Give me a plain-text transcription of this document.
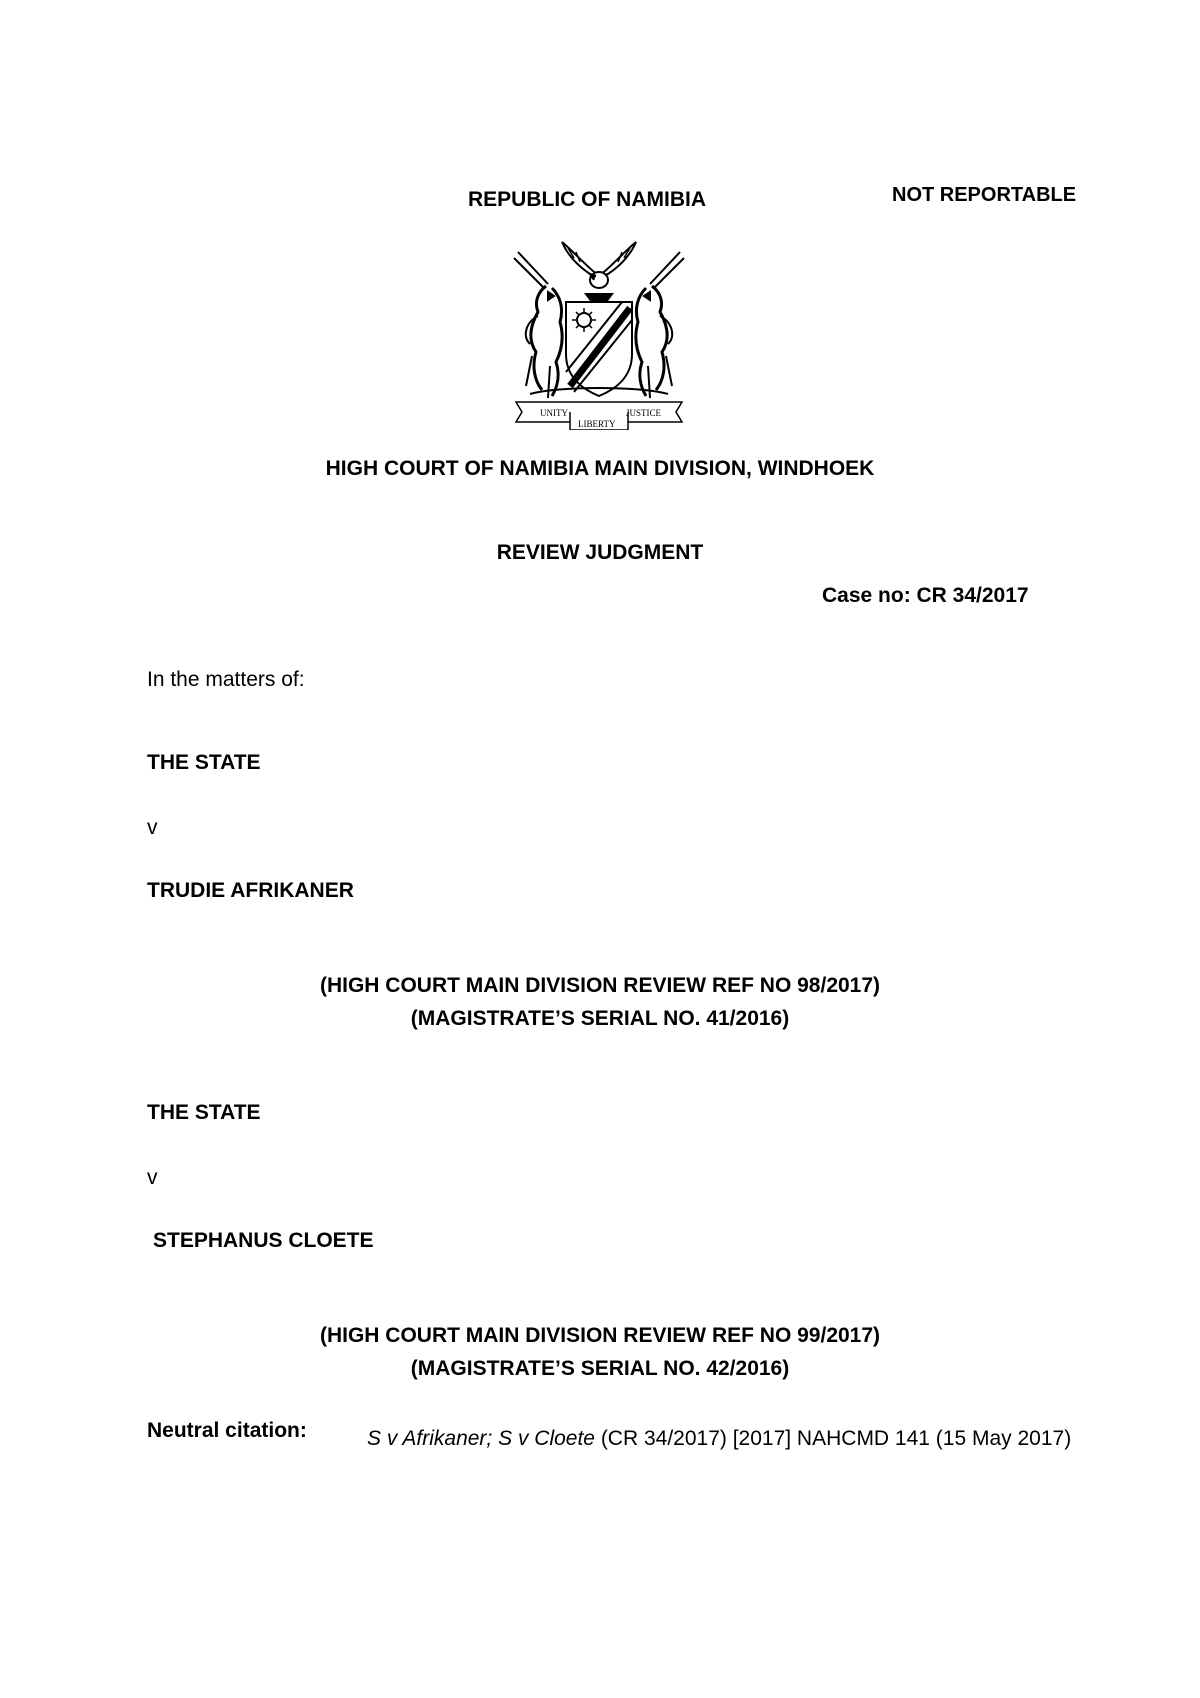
REPUBLIC OF NAMIBIA	NOT REPORTABLE
UNITY	JUSTICE
LIBERTY
HIGH COURT OF NAMIBIA MAIN DIVISION, WINDHOEK
REVIEW JUDGMENT
Case no: CR 34/2017
In the matters of:
THE STATE
v
TRUDIE AFRIKANER
(HIGH COURT MAIN DIVISION REVIEW REF NO 98/2017)
(MAGISTRATE’S SERIAL NO. 41/2016)
THE STATE
v
STEPHANUS CLOETE
(HIGH COURT MAIN DIVISION REVIEW REF NO 99/2017)
(MAGISTRATE’S SERIAL NO. 42/2016)
Neutral citation:	S v Afrikaner; S v Cloete (CR 34/2017) [2017] NAHCMD 141 (15 May 2017)
